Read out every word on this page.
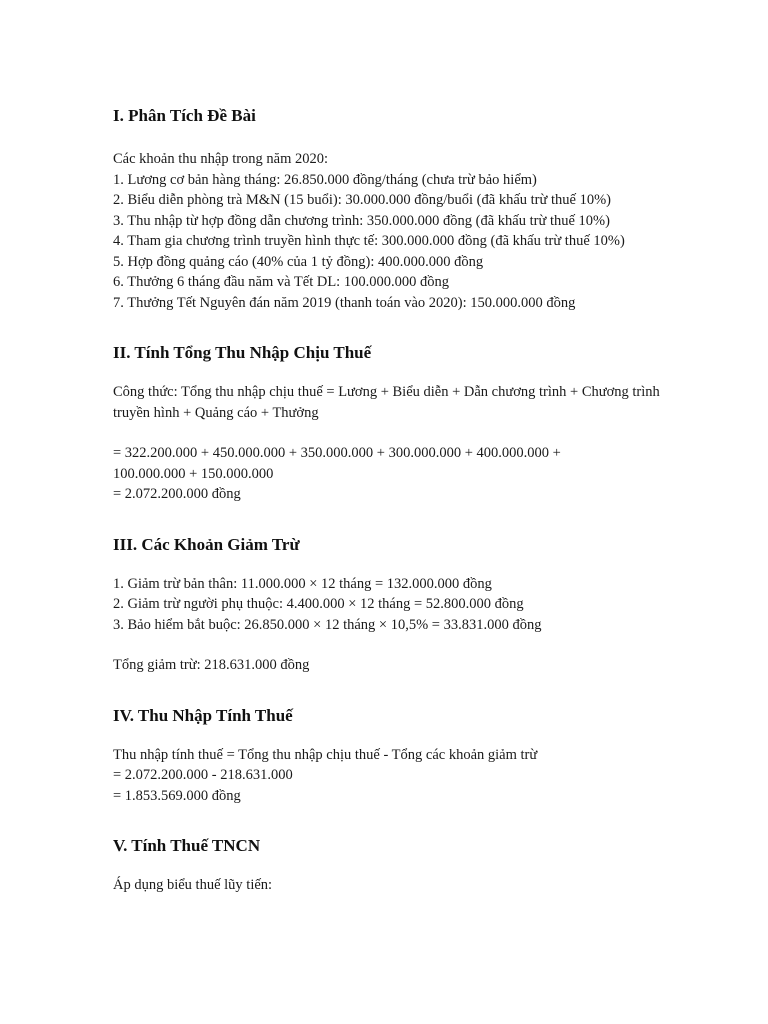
I. Phân Tích Đề Bài
Các khoản thu nhập trong năm 2020:
1. Lương cơ bản hàng tháng: 26.850.000 đồng/tháng (chưa trừ bảo hiểm)
2. Biểu diễn phòng trà M&N (15 buổi): 30.000.000 đồng/buổi (đã khấu trừ thuế 10%)
3. Thu nhập từ hợp đồng dẫn chương trình: 350.000.000 đồng (đã khấu trừ thuế 10%)
4. Tham gia chương trình truyền hình thực tế: 300.000.000 đồng (đã khấu trừ thuế 10%)
5. Hợp đồng quảng cáo (40% của 1 tỷ đồng): 400.000.000 đồng
6. Thưởng 6 tháng đầu năm và Tết DL: 100.000.000 đồng
7. Thưởng Tết Nguyên đán năm 2019 (thanh toán vào 2020): 150.000.000 đồng
II. Tính Tổng Thu Nhập Chịu Thuế
Công thức: Tổng thu nhập chịu thuế = Lương + Biểu diễn + Dẫn chương trình + Chương trình truyền hình + Quảng cáo + Thưởng
= 322.200.000 + 450.000.000 + 350.000.000 + 300.000.000 + 400.000.000 +
100.000.000 + 150.000.000
= 2.072.200.000 đồng
III. Các Khoản Giảm Trừ
1. Giảm trừ bản thân: 11.000.000 × 12 tháng = 132.000.000 đồng
2. Giảm trừ người phụ thuộc: 4.400.000 × 12 tháng = 52.800.000 đồng
3. Bảo hiểm bắt buộc: 26.850.000 × 12 tháng × 10,5% = 33.831.000 đồng
Tổng giảm trừ: 218.631.000 đồng
IV. Thu Nhập Tính Thuế
Thu nhập tính thuế = Tổng thu nhập chịu thuế - Tổng các khoản giảm trừ
= 2.072.200.000 - 218.631.000
= 1.853.569.000 đồng
V. Tính Thuế TNCN
Áp dụng biểu thuế lũy tiến:
